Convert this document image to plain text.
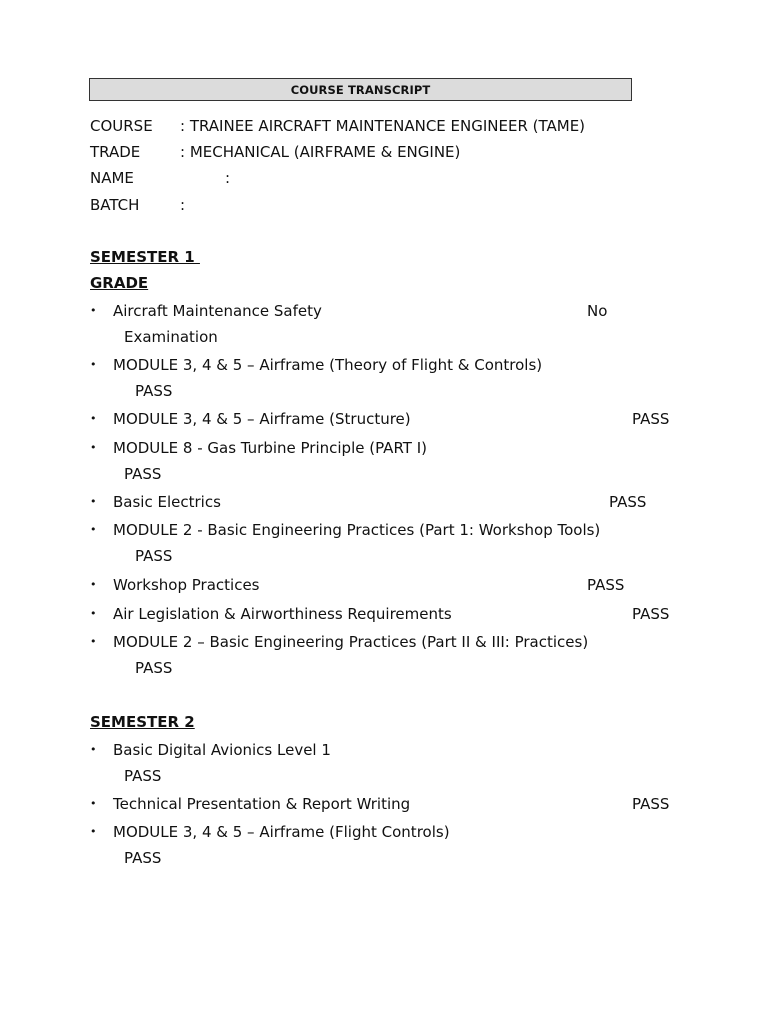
COURSE TRANSCRIPT
COURSE : TRAINEE AIRCRAFT MAINTENANCE ENGINEER (TAME)
TRADE	: MECHANICAL (AIRFRAME & ENGINE)
NAME	:
BATCH	:
SEMESTER 1
GRADE
• Aircraft Maintenance Safety	No
Examination
• MODULE 3, 4 & 5 – Airframe (Theory of Flight & Controls)
PASS
• MODULE 3, 4 & 5 – Airframe (Structure)	PASS
• MODULE 8 - Gas Turbine Principle (PART I)
PASS
• Basic Electrics	PASS
• MODULE 2 - Basic Engineering Practices (Part 1: Workshop Tools)
PASS
• Workshop Practices	PASS
• Air Legislation & Airworthiness Requirements	PASS
• MODULE 2 – Basic Engineering Practices (Part II & III: Practices)
PASS
SEMESTER 2
• Basic Digital Avionics Level 1
PASS
• Technical Presentation & Report Writing	PASS
• MODULE 3, 4 & 5 – Airframe (Flight Controls)
PASS
